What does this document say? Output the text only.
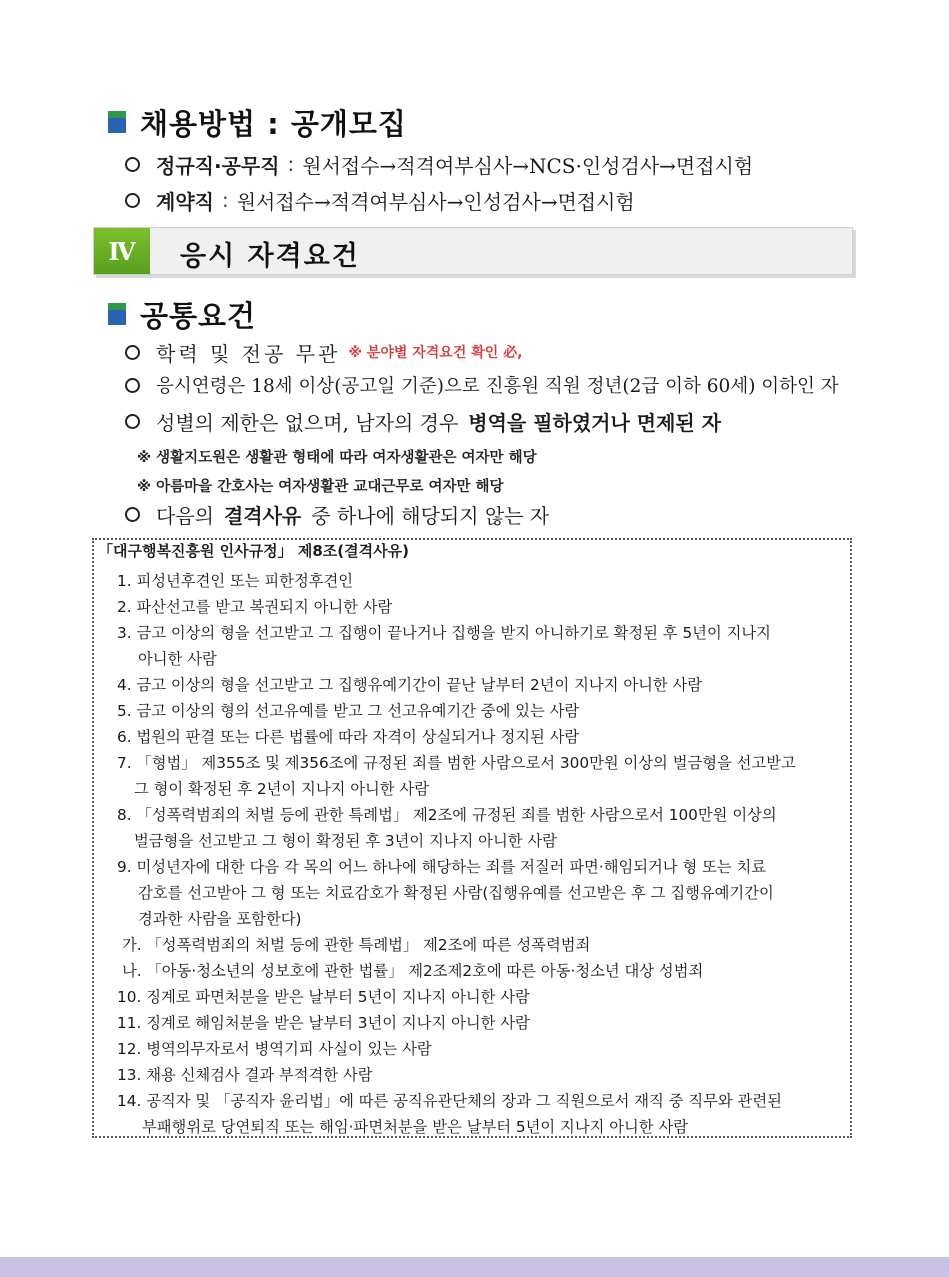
채용방법 : 공개모집
정규직·공무직 : 원서접수→적격여부심사→NCS·인성검사→면접시험
계약직 : 원서접수→적격여부심사→인성검사→면접시험
Ⅳ	응시 자격요건
공통요건
학력 및 전공 무관 ※ 분야별 자격요건 확인 必,
응시연령은 18세 이상(공고일 기준)으로 진흥원 직원 정년(2급 이하 60세) 이하인 자
성별의 제한은 없으며, 남자의 경우 병역을 필하였거나 면제된 자
※ 생활지도원은 생활관 형태에 따라 여자생활관은 여자만 해당
※ 아름마을 간호사는 여자생활관 교대근무로 여자만 해당
다음의 결격사유 중 하나에 해당되지 않는 자
「대구행복진흥원 인사규정」 제8조(결격사유)
1. 피성년후견인 또는 피한정후견인
2. 파산선고를 받고 복권되지 아니한 사람
3. 금고 이상의 형을 선고받고 그 집행이 끝나거나 집행을 받지 아니하기로 확정된 후 5년이 지나지
아니한 사람
4. 금고 이상의 형을 선고받고 그 집행유예기간이 끝난 날부터 2년이 지나지 아니한 사람
5. 금고 이상의 형의 선고유예를 받고 그 선고유예기간 중에 있는 사람
6. 법원의 판결 또는 다른 법률에 따라 자격이 상실되거나 정지된 사람
7. 「형법」 제355조 및 제356조에 규정된 죄를 범한 사람으로서 300만원 이상의 벌금형을 선고받고
그 형이 확정된 후 2년이 지나지 아니한 사람
8. 「성폭력범죄의 처벌 등에 관한 특례법」 제2조에 규정된 죄를 범한 사람으로서 100만원 이상의
벌금형을 선고받고 그 형이 확정된 후 3년이 지나지 아니한 사람
9. 미성년자에 대한 다음 각 목의 어느 하나에 해당하는 죄를 저질러 파면·해임되거나 형 또는 치료
감호를 선고받아 그 형 또는 치료감호가 확정된 사람(집행유예를 선고받은 후 그 집행유예기간이
경과한 사람을 포함한다)
가. 「성폭력범죄의 처벌 등에 관한 특례법」 제2조에 따른 성폭력범죄
나. 「아동·청소년의 성보호에 관한 법률」 제2조제2호에 따른 아동·청소년 대상 성범죄
10. 징계로 파면처분을 받은 날부터 5년이 지나지 아니한 사람
11. 징계로 해임처분을 받은 날부터 3년이 지나지 아니한 사람
12. 병역의무자로서 병역기피 사실이 있는 사람
13. 채용 신체검사 결과 부적격한 사람
14. 공직자 및 「공직자 윤리법」에 따른 공직유관단체의 장과 그 직원으로서 재직 중 직무와 관련된
부패행위로 당연퇴직 또는 해임·파면처분을 받은 날부터 5년이 지나지 아니한 사람
